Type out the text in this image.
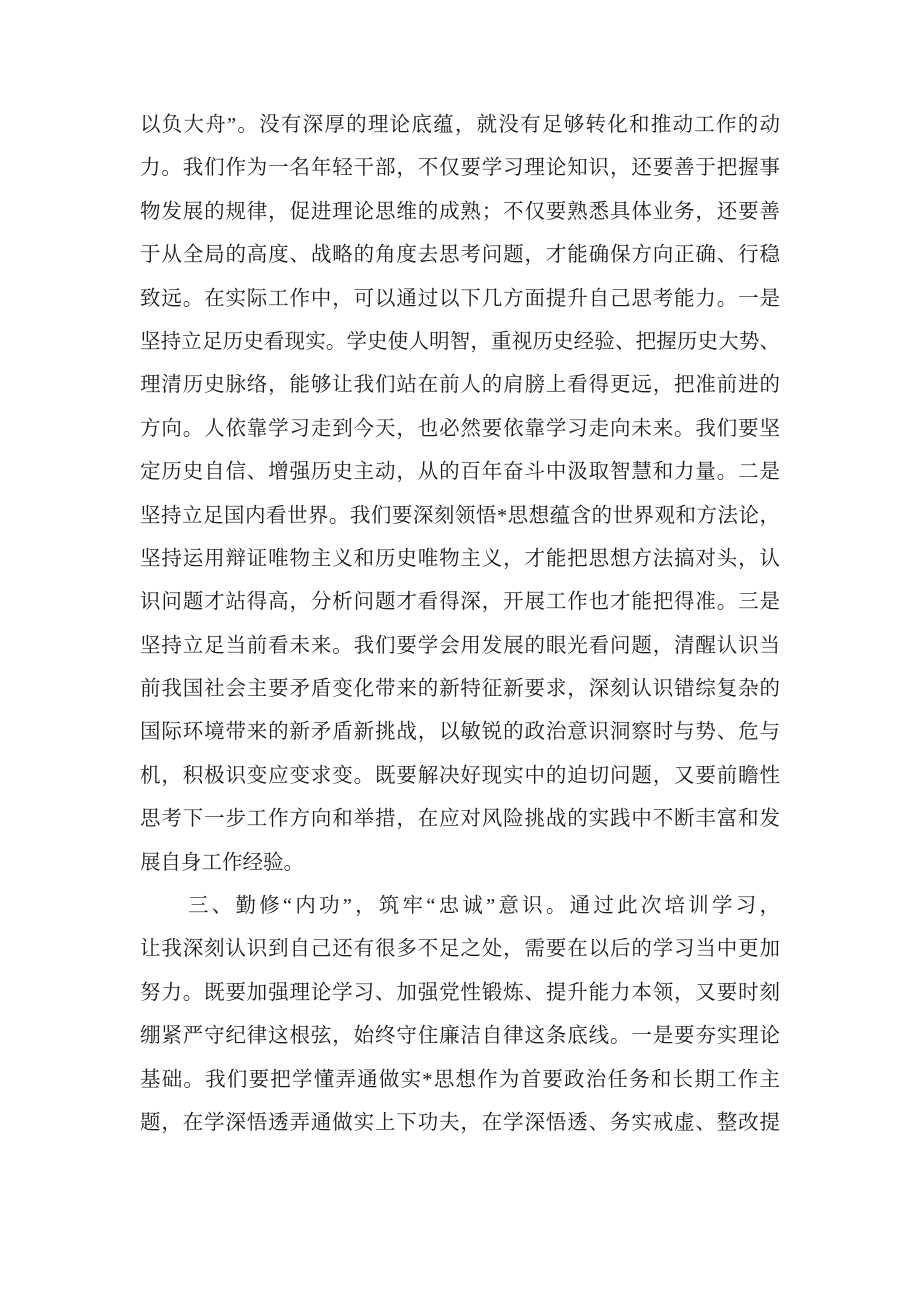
以负大舟”。没有深厚的理论底蕴，就没有足够转化和推动工作的动
力。我们作为一名年轻干部，不仅要学习理论知识，还要善于把握事
物发展的规律，促进理论思维的成熟；不仅要熟悉具体业务，还要善
于从全局的高度、战略的角度去思考问题，才能确保方向正确、行稳
致远。在实际工作中，可以通过以下几方面提升自己思考能力。一是
坚持立足历史看现实。学史使人明智，重视历史经验、把握历史大势、
理清历史脉络，能够让我们站在前人的肩膀上看得更远，把准前进的
方向。人依靠学习走到今天，也必然要依靠学习走向未来。我们要坚
定历史自信、增强历史主动，从的百年奋斗中汲取智慧和力量。二是
坚持立足国内看世界。我们要深刻领悟*思想蕴含的世界观和方法论，
坚持运用辩证唯物主义和历史唯物主义，才能把思想方法搞对头，认
识问题才站得高，分析问题才看得深，开展工作也才能把得准。三是
坚持立足当前看未来。我们要学会用发展的眼光看问题，清醒认识当
前我国社会主要矛盾变化带来的新特征新要求，深刻认识错综复杂的
国际环境带来的新矛盾新挑战，以敏锐的政治意识洞察时与势、危与
机，积极识变应变求变。既要解决好现实中的迫切问题，又要前瞻性
思考下一步工作方向和举措，在应对风险挑战的实践中不断丰富和发
展自身工作经验。
三、勤修“内功”，筑牢“忠诚”意识。通过此次培训学习，
让我深刻认识到自己还有很多不足之处，需要在以后的学习当中更加
努力。既要加强理论学习、加强党性锻炼、提升能力本领，又要时刻
绷紧严守纪律这根弦，始终守住廉洁自律这条底线。一是要夯实理论
基础。我们要把学懂弄通做实*思想作为首要政治任务和长期工作主
题，在学深悟透弄通做实上下功夫，在学深悟透、务实戒虚、整改提
